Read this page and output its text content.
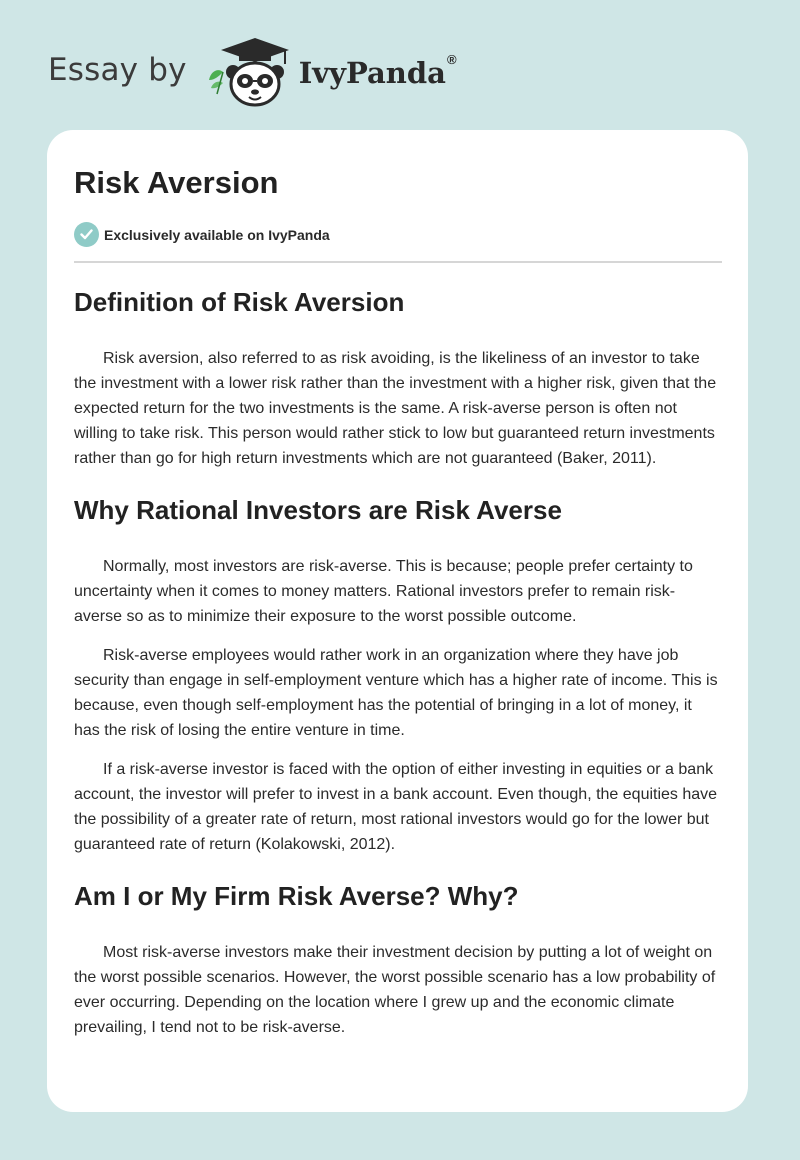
Essay by	IvyPanda®
Risk Aversion
Exclusively available on IvyPanda
Definition of Risk Aversion

Risk aversion, also referred to as risk avoiding, is the likeliness of an investor to take the investment with a lower risk rather than the investment with a higher risk, given that the expected return for the two investments is the same. A risk-averse person is often not willing to take risk. This person would rather stick to low but guaranteed return investments rather than go for high return investments which are not guaranteed (Baker, 2011).

Why Rational Investors are Risk Averse

Normally, most investors are risk-averse. This is because; people prefer certainty to uncertainty when it comes to money matters. Rational investors prefer to remain risk-averse so as to minimize their exposure to the worst possible outcome.

Risk-averse employees would rather work in an organization where they have job security than engage in self-employment venture which has a higher rate of income. This is because, even though self-employment has the potential of bringing in a lot of money, it has the risk of losing the entire venture in time.

If a risk-averse investor is faced with the option of either investing in equities or a bank account, the investor will prefer to invest in a bank account. Even though, the equities have the possibility of a greater rate of return, most rational investors would go for the lower but guaranteed rate of return (Kolakowski, 2012).

Am I or My Firm Risk Averse? Why?

Most risk-averse investors make their investment decision by putting a lot of weight on the worst possible scenarios. However, the worst possible scenario has a low probability of ever occurring. Depending on the location where I grew up and the economic climate prevailing, I tend not to be risk-averse.
